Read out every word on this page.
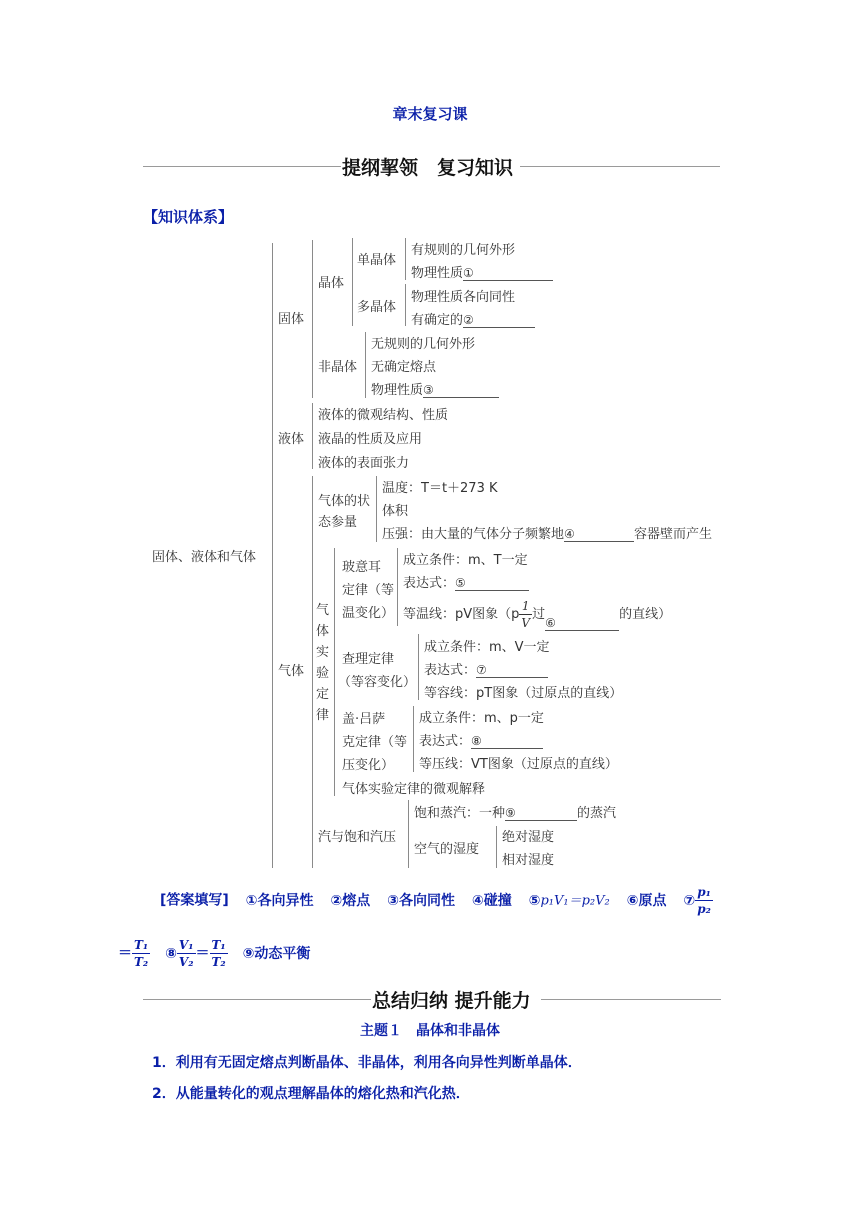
章末复习课
提纲挈领　复习知识
【知识体系】
固体、液体和气体
固体
晶体
单晶体
有规则的几何外形
物理性质①
多晶体
物理性质各向同性
有确定的②
非晶体
无规则的几何外形
无确定熔点
物理性质③
液体
液体的微观结构、性质
液晶的性质及应用
液体的表面张力
气体
气体的状
态参量
温度：T＝t＋273 K
体积
压强：由大量的气体分子频繁地④	容器壁而产生
气
体
实
验
定
律
玻意耳
定律（等
温变化）
成立条件：m、T一定
表达式：⑤
等温线：pV图象（$p \frac{1}{V}$ 过⑥的直线）
查理定律
（等容变化）
成立条件：m、V一定
表达式：⑦
等容线：pT图象（过原点的直线）
盖·吕萨
克定律（等
压变化）
成立条件：m、p一定
表达式：⑧
等压线：VT图象（过原点的直线）
气体实验定律的微观解释
汽与饱和汽压
饱和蒸汽：一种⑨	的蒸汽
空气的湿度
绝对湿度
相对湿度
[答案填写] ①各向异性 ②熔点 ③各向同性 ④碰撞 ⑤p₁V₁＝p₂V₂ ⑥原点 ⑦ $\frac{\text{p₁}}{\text{p₂}}$
＝ $\frac{\text{T₁}}{\text{T₂}}$ ⑧ $\frac{\text{V₁}}{\text{V₂}} = \frac{\text{T₁}}{\text{T₂}}$ ⑨动态平衡
总结归纳 提升能力
主题１　晶体和非晶体
1．利用有无固定熔点判断晶体、非晶体，利用各向异性判断单晶体．
2．从能量转化的观点理解晶体的熔化热和汽化热．
